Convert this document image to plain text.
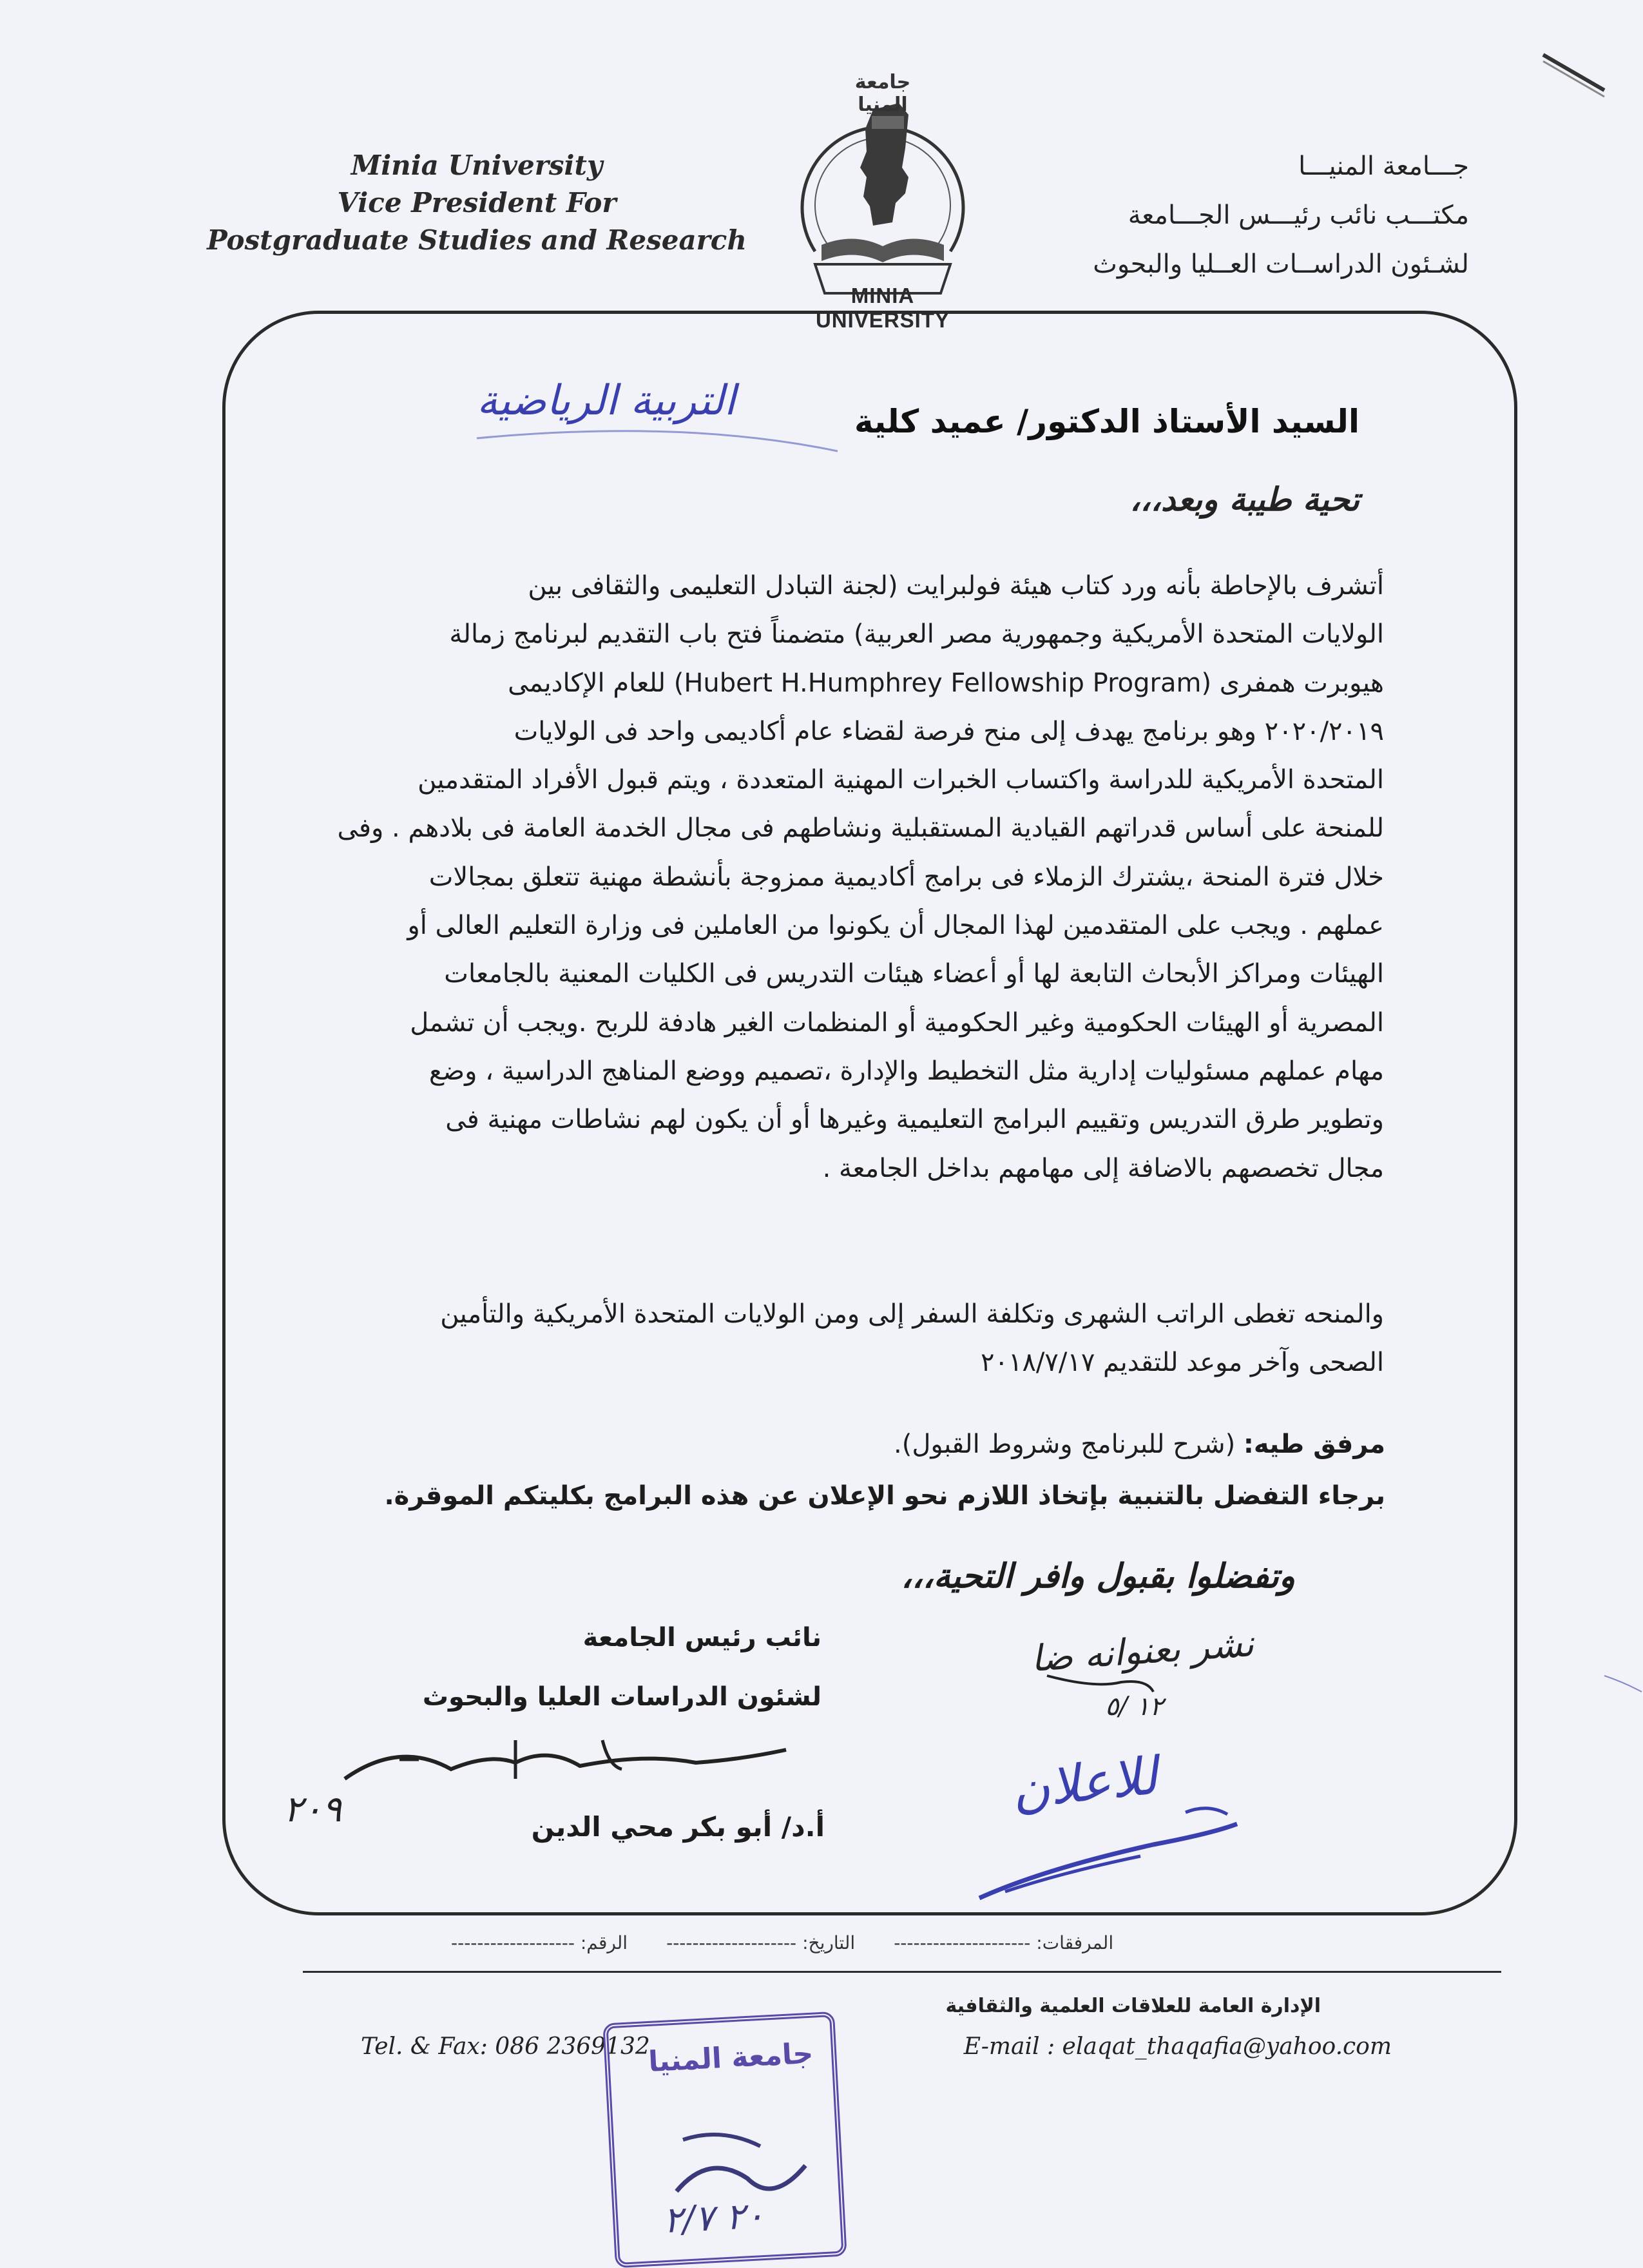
جامعة المنيا
MINIA UNIVERSITY
Minia University
Vice President For
Postgraduate Studies and Research
جـــامعة المنيـــا
مكتـــب نائب رئيـــس الجـــامعة
لشـئون الدراســات العــليا والبحوث
السيد الأستاذ الدكتور/ عميد كلية
التربية الرياضية
تحية طيبة وبعد،،،
أتشرف بالإحاطة بأنه ورد كتاب هيئة فولبرايت (لجنة التبادل التعليمى والثقافى بين
الولايات المتحدة الأمريكية وجمهورية مصر العربية) متضمناً فتح باب التقديم لبرنامج زمالة
هيوبرت همفرى (Hubert H.Humphrey Fellowship Program) للعام الإكاديمى
٢٠٢٠/٢٠١٩ وهو برنامج يهدف إلى منح فرصة لقضاء عام أكاديمى واحد فى الولايات
المتحدة الأمريكية للدراسة واكتساب الخبرات المهنية المتعددة ، ويتم قبول الأفراد المتقدمين
للمنحة على أساس قدراتهم القيادية المستقبلية ونشاطهم فى مجال الخدمة العامة فى بلادهم . وفى
خلال فترة المنحة ،يشترك الزملاء فى برامج أكاديمية ممزوجة بأنشطة مهنية تتعلق بمجالات
عملهم . ويجب على المتقدمين لهذا المجال أن يكونوا من العاملين فى وزارة التعليم العالى أو
الهيئات ومراكز الأبحاث التابعة لها أو أعضاء هيئات التدريس فى الكليات المعنية بالجامعات
المصرية أو الهيئات الحكومية وغير الحكومية أو المنظمات الغير هادفة للربح .ويجب أن تشمل
مهام عملهم مسئوليات إدارية مثل التخطيط والإدارة ،تصميم ووضع المناهج الدراسية ، وضع
وتطوير طرق التدريس وتقييم البرامج التعليمية وغيرها أو أن يكون لهم نشاطات مهنية فى
مجال تخصصهم بالاضافة إلى مهامهم بداخل الجامعة .
والمنحه تغطى الراتب الشهرى وتكلفة السفر إلى ومن الولايات المتحدة الأمريكية والتأمين
الصحى وآخر موعد للتقديم ٢٠١٨/٧/١٧
مرفق طيه: (شرح للبرنامج وشروط القبول).
برجاء التفضل بالتنبية بإتخاذ اللازم نحو الإعلان عن هذه البرامج بكليتكم الموقرة.
وتفضلوا بقبول وافر التحية،،،
نائب رئيس الجامعة
لشئون الدراسات العليا والبحوث
أ.د/ أبو بكر محي الدين
الرقم: -------------------	التاريخ: --------------------	المرفقات: ---------------------
الإدارة العامة للعلاقات العلمية والثقافية
Tel. & Fax: 086 2369132	E-mail : elaqat_thaqafia@yahoo.com
نشر بعنوانه ضا
١٢ /٥
للاعلان
٢٠٩
جامعة المنيا
٢٠ ٢/٧
